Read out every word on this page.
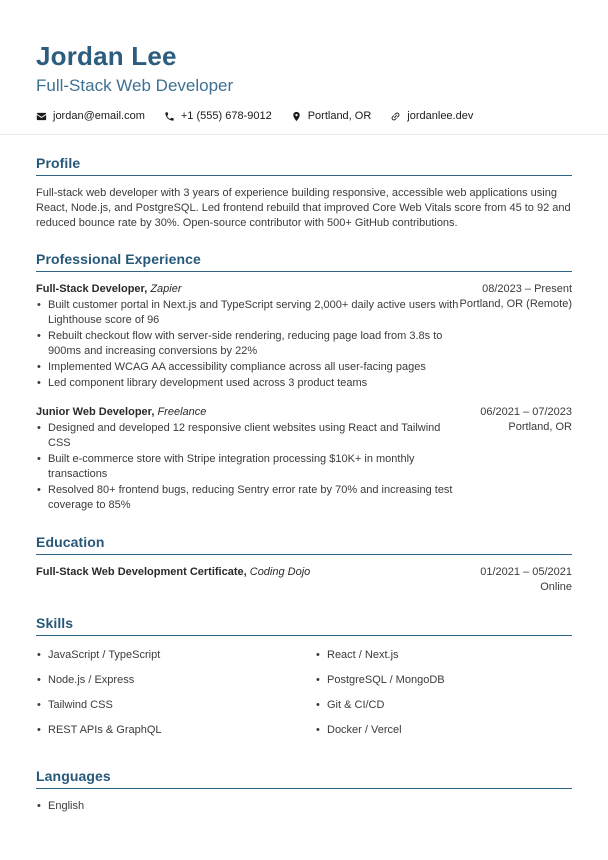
Jordan Lee
Full-Stack Web Developer
jordan@email.com	+1 (555) 678-9012	Portland, OR	jordanlee.dev
Profile

Full-stack web developer with 3 years of experience building responsive, accessible web applications using React, Node.js, and PostgreSQL. Led frontend rebuild that improved Core Web Vitals score from 45 to 92 and reduced bounce rate by 30%. Open-source contributor with 500+ GitHub contributions.

Professional Experience
Full-Stack Developer, Zapier
• Built customer portal in Next.js and TypeScript serving 2,000+ daily active users with Lighthouse score of 96
• Rebuilt checkout flow with server-side rendering, reducing page load from 3.8s to 900ms and increasing conversions by 22%
• Implemented WCAG AA accessibility compliance across all user-facing pages
• Led component library development used across 3 product teams
08/2023 – Present
Portland, OR (Remote)
Junior Web Developer, Freelance
• Designed and developed 12 responsive client websites using React and Tailwind CSS
• Built e-commerce store with Stripe integration processing $10K+ in monthly transactions
• Resolved 80+ frontend bugs, reducing Sentry error rate by 70% and increasing test coverage to 85%
06/2021 – 07/2023
Portland, OR
Education
Full-Stack Web Development Certificate, Coding Dojo	01/2021 – 05/2021
Online
Skills
• JavaScript / TypeScript
• Node.js / Express
• Tailwind CSS
• REST APIs & GraphQL
• React / Next.js
• PostgreSQL / MongoDB
• Git & CI/CD
• Docker / Vercel
Languages
• English
